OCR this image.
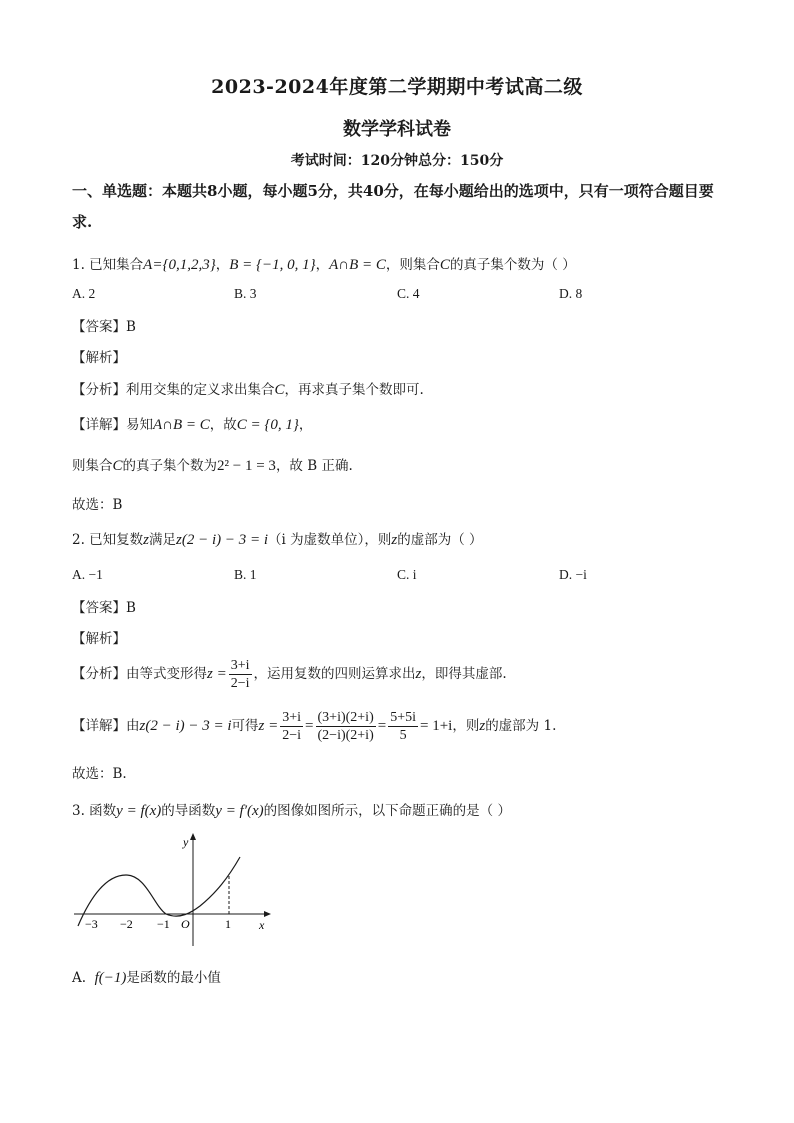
2023-2024年度第二学期期中考试高二级
数学学科试卷
考试时间：120分钟总分：150分
一、单选题：本题共8小题，每小题5分，共40分，在每小题给出的选项中，只有一项符合题目要求.
1. 已知集合A={0,1,2,3}，B = {−1, 0, 1}，A∩B = C，则集合C的真子集个数为（ ）
A. 2	B. 3	C. 4	D. 8
【答案】B
【解析】
【分析】利用交集的定义求出集合C，再求真子集个数即可.
【详解】易知A∩B = C，故C = {0, 1}，
则集合C的真子集个数为2² − 1 = 3，故 B 正确.
故选：B
2. 已知复数z满足z(2 − i) − 3 = i（i 为虚数单位），则z的虚部为（ ）
A. −1	B. 1	C. i	D. −i
【答案】B
【解析】
【分析】由等式变形得$z = \frac{3+i}{2-i}$ ，运用复数的四则运算求出z，即得其虚部.
【详解】由z(2 − i) − 3 = i可得$z = \frac{3+i}{2-i} = \frac{(3+i)(2+i)}{(2-i)(2+i)} = \frac{5+5i}{5} = 1+i$，则z的虚部为 1.
故选：B.
3. 函数y = f(x)的导函数y = f′(x)的图像如图所示，以下命题正确的是（ ）
y
x
O
−3 −2 −1	1
A. f(−1)是函数的最小值
